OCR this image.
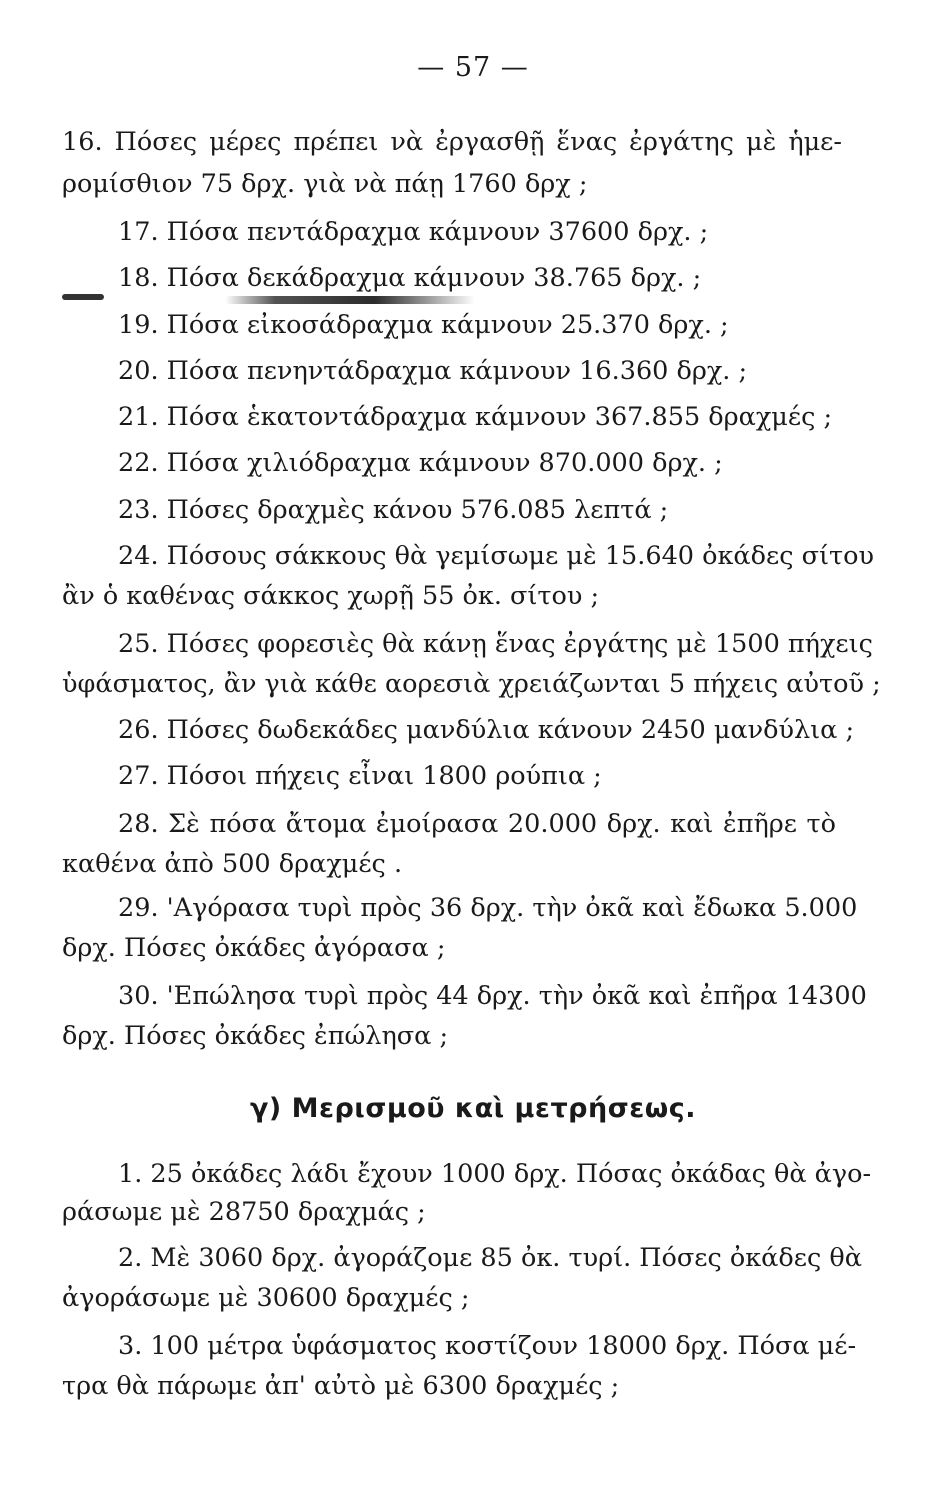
— 57 —
16. Πόσες μέρες πρέπει νὰ ἐργασθῇ ἕνας ἐργάτης μὲ ἡμε-
ρομίσθιον 75 δρχ. γιὰ νὰ πάῃ 1760 δρχ ;
17. Πόσα πεντάδραχμα κάμνουν 37600 δρχ. ;
18. Πόσα δεκάδραχμα κάμνουν 38.765 δρχ. ;
19. Πόσα εἰκοσάδραχμα κάμνουν 25.370 δρχ. ;
20. Πόσα πενηντάδραχμα κάμνουν 16.360 δρχ. ;
21. Πόσα ἑκατοντάδραχμα κάμνουν 367.855 δραχμές ;
22. Πόσα χιλιόδραχμα κάμνουν 870.000 δρχ. ;
23. Πόσες δραχμὲς κάνου 576.085 λεπτά ;
24. Πόσους σάκκους θὰ γεμίσωμε μὲ 15.640 ὀκάδες σίτου
ἂν ὁ καθένας σάκκος χωρῇ 55 ὀκ. σίτου ;
25. Πόσες φορεσιὲς θὰ κάνῃ ἕνας ἐργάτης μὲ 1500 πήχεις
ὑφάσματος, ἂν γιὰ κάθε αορεσιὰ χρειάζωνται 5 πήχεις αὐτοῦ ;
26. Πόσες δωδεκάδες μανδύλια κάνουν 2450 μανδύλια ;
27. Πόσοι πήχεις εἶναι 1800 ρούπια ;
28. Σὲ πόσα ἄτομα ἐμοίρασα 20.000 δρχ. καὶ ἐπῆρε τὸ
καθένα ἀπὸ 500 δραχμές .
29. 'Αγόρασα τυρὶ πρὸς 36 δρχ. τὴν ὀκᾶ καὶ ἔδωκα 5.000
δρχ. Πόσες ὀκάδες ἀγόρασα ;
30. 'Επώλησα τυρὶ πρὸς 44 δρχ. τὴν ὀκᾶ καὶ ἐπῆρα 14300
δρχ. Πόσες ὀκάδες ἐπώλησα ;
γ) Μερισμοῦ καὶ μετρήσεως.
1. 25 ὀκάδες λάδι ἔχουν 1000 δρχ. Πόσας ὀκάδας θὰ ἀγο-
ράσωμε μὲ 28750 δραχμάς ;
2. Μὲ 3060 δρχ. ἀγοράζομε 85 ὀκ. τυρί. Πόσες ὀκάδες θὰ
ἀγοράσωμε μὲ 30600 δραχμές ;
3. 100 μέτρα ὑφάσματος κοστίζουν 18000 δρχ. Πόσα μέ-
τρα θὰ πάρωμε ἀπ' αὐτὸ μὲ 6300 δραχμές ;
